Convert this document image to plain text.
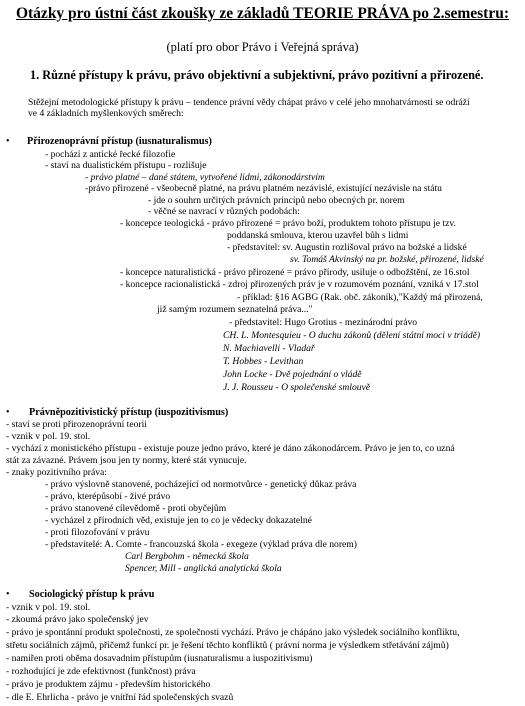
Otázky pro ústní část zkoušky ze základů TEORIE PRÁVA po 2.semestru:
(platí pro obor Právo i Veřejná správa)
1. Různé přístupy k právu, právo objektivní a subjektivní, právo pozitivní a přirozené.
Stěžejní metodologické přístupy k právu – tendence právní vědy chápat právo v celé jeho mnohatvárnosti se odráží
ve 4 základních myšlenkových směrech:
• Přirozenoprávní přístup (iusnaturalismus)
- pochází z antické řecké filozofie
- staví na dualistickém přístupu - rozlišuje
- právo platné – dané státem, vytvořené lidmi, zákonodárstvím
-právo přirozené - všeobecně platné, na právu platném nezávislé, existující nezávisle na státu
- jde o souhrn určitých právních principů nebo obecných pr. norem
- věčné se navrací v různých podobách:
- koncepce teologická - právo přirozené = právo boží, produktem tohoto přístupu je tzv.
poddanská smlouva, kterou uzavřel bůh s lidmi
- představitel: sv. Augustin rozlišoval právo na božské a lidské
sv. Tomáš Akvinský na pr. božské, přirozené, lidské
- koncepce naturalistická - právo přirozené = právo přírody, usiluje o odbožštění, ze 16.stol
- koncepce racionalistická - zdroj přirozených práv je v rozumovém poznání, vzniká v 17.stol
- příklad: §16 AGBG (Rak. obč. zákoník),"Každý má přirozená,
již samým rozumem seznatelná práva..."
- představitel: Hugo Grotius - mezinárodní právo
CH. L. Montesquieu - O duchu zákonů (dělení státní moci v triádě)
N. Machiavelli - Vladař
T. Hobbes - Levithan
John Locke - Dvě pojednání o vládě
J. J. Rousseu - O společenské smlouvě
• Právněpozitivistický přístup (iuspozitivismus)
- staví se proti přirozenoprávní teorii
- vznik v pol. 19. stol.
- vychází z monistického přístupu - existuje pouze jedno právo, které je dáno zákonodárcem. Právo je jen to, co uzná
stát za závazné. Právem jsou jen ty normy, které stát vynucuje.
- znaky pozitivního práva:
- právo výslovně stanovené, pocházející od normotvůrce - genetický důkaz práva
- právo, kterépůsobí - živé právo
- právo stanovené cílevědomě - proti obyčejům
- vycházel z přírodních věd, existuje jen to co je vědecky dokazatelné
- proti filozofování v právu
- představitelé: A. Comte - francouzská škola - exegeze (výklad práva dle norem)
Carl Bergbohm - německá škola
Spencer, Mill - anglická analytická škola
• Sociologický přístup k právu
- vznik v pol. 19. stol.
- zkoumá právo jako společenský jev
- právo je spontánní produkt společnosti, ze společnosti vychází. Právo je chápáno jako výsledek sociálního konfliktu,
střetu sociálních zájmů, přičemž funkcí pr. je řešení těchto konfliktů ( právní norma je výsledkem střetávání zájmů)
- namířen proti oběma dosavadním přístupům (iusnaturalismu a iuspozitivismu)
- rozhodující je zde efektivnost (funkčnost) práva
- právo je produktem zájmu - především historického
- dle E. Ehrlicha - právo je vnitřní řád společenských svazů
